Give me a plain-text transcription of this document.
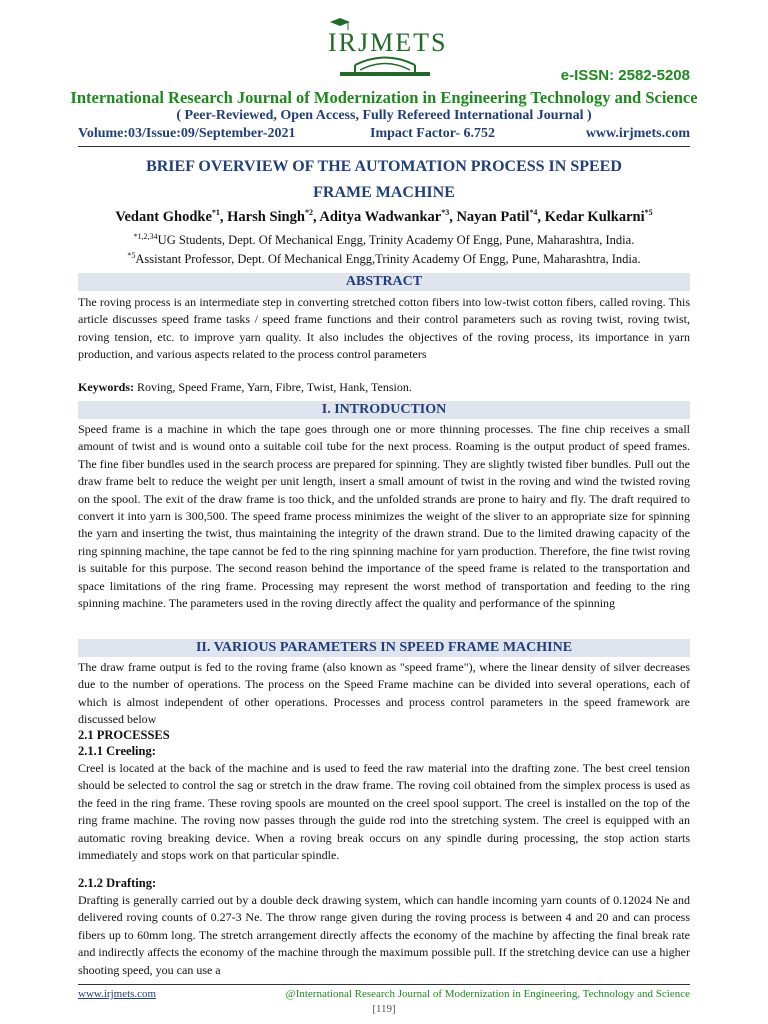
IRJMETS
e-ISSN: 2582-5208
International Research Journal of Modernization in Engineering Technology and Science
( Peer-Reviewed, Open Access, Fully Refereed International Journal )
Volume:03/Issue:09/September-2021	Impact Factor- 6.752	www.irjmets.com
BRIEF OVERVIEW OF THE AUTOMATION PROCESS IN SPEED
FRAME MACHINE
Vedant Ghodke$^{*1}$, Harsh Singh$^{*2}$, Aditya Wadwankar$^{*3}$, Nayan Patil$^{*4}$, Kedar Kulkarni$^{*5}$
$^{*1,2,34}$UG Students, Dept. Of Mechanical Engg, Trinity Academy Of Engg, Pune, Maharashtra, India.
$^{*5}$Assistant Professor, Dept. Of Mechanical Engg,Trinity Academy Of Engg, Pune, Maharashtra, India.
ABSTRACT
The roving process is an intermediate step in converting stretched cotton fibers into low-twist cotton fibers, called roving. This article discusses speed frame tasks / speed frame functions and their control parameters such as roving twist, roving twist, roving tension, etc. to improve yarn quality. It also includes the objectives of the roving process, its importance in yarn production, and various aspects related to the process control parameters
Keywords: Roving, Speed Frame, Yarn, Fibre, Twist, Hank, Tension.
I. INTRODUCTION
Speed frame is a machine in which the tape goes through one or more thinning processes. The fine chip receives a small amount of twist and is wound onto a suitable coil tube for the next process. Roaming is the output product of speed frames. The fine fiber bundles used in the search process are prepared for spinning. They are slightly twisted fiber bundles. Pull out the draw frame belt to reduce the weight per unit length, insert a small amount of twist in the roving and wind the twisted roving on the spool. The exit of the draw frame is too thick, and the unfolded strands are prone to hairy and fly. The draft required to convert it into yarn is 300,500. The speed frame process minimizes the weight of the sliver to an appropriate size for spinning the yarn and inserting the twist, thus maintaining the integrity of the drawn strand. Due to the limited drawing capacity of the ring spinning machine, the tape cannot be fed to the ring spinning machine for yarn production. Therefore, the fine twist roving is suitable for this purpose. The second reason behind the importance of the speed frame is related to the transportation and space limitations of the ring frame. Processing may represent the worst method of transportation and feeding to the ring spinning machine. The parameters used in the roving directly affect the quality and performance of the spinning
II. VARIOUS PARAMETERS IN SPEED FRAME MACHINE
The draw frame output is fed to the roving frame (also known as "speed frame"), where the linear density of silver decreases due to the number of operations. The process on the Speed Frame machine can be divided into several operations, each of which is almost independent of other operations. Processes and process control parameters in the speed framework are discussed below
2.1 PROCESSES
2.1.1 Creeling:
Creel is located at the back of the machine and is used to feed the raw material into the drafting zone. The best creel tension should be selected to control the sag or stretch in the draw frame. The roving coil obtained from the simplex process is used as the feed in the ring frame. These roving spools are mounted on the creel spool support. The creel is installed on the top of the ring frame machine. The roving now passes through the guide rod into the stretching system. The creel is equipped with an automatic roving breaking device. When a roving break occurs on any spindle during processing, the stop action starts immediately and stops work on that particular spindle.
2.1.2 Drafting:
Drafting is generally carried out by a double deck drawing system, which can handle incoming yarn counts of 0.12024 Ne and delivered roving counts of 0.27-3 Ne. The throw range given during the roving process is between 4 and 20 and can process fibers up to 60mm long. The stretch arrangement directly affects the economy of the machine by affecting the final break rate and indirectly affects the economy of the machine through the maximum possible pull. If the stretching device can use a higher shooting speed, you can use a
www.irjmets.com	@International Research Journal of Modernization in Engineering, Technology and Science
[119]
